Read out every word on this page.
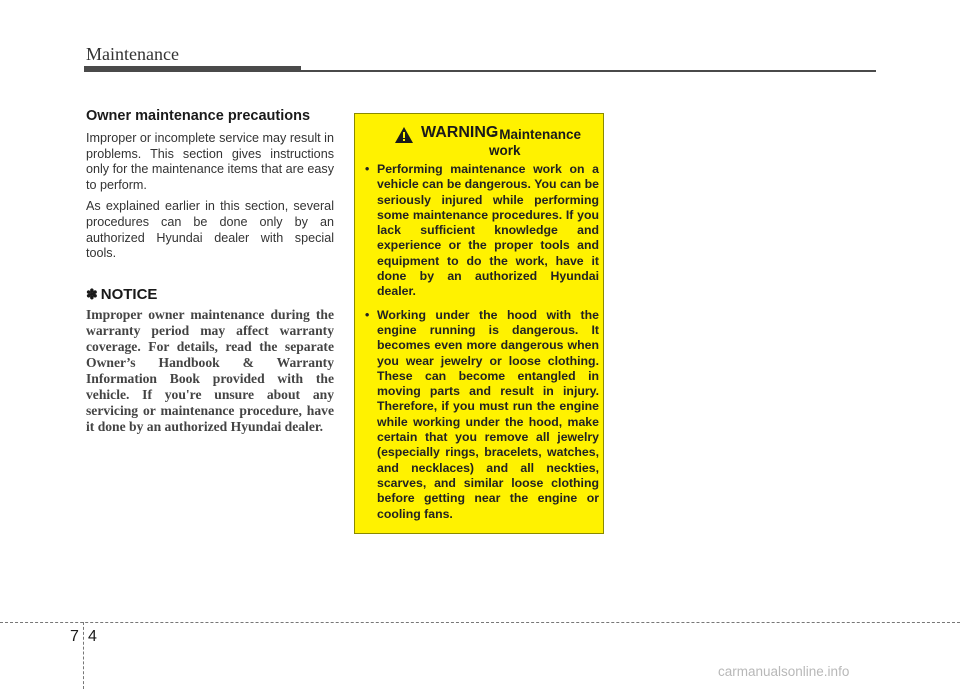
Maintenance
Owner maintenance precautions

Improper or incomplete service may result in problems. This section gives instructions only for the maintenance items that are easy to perform.

As explained earlier in this section, several procedures can be done only by an authorized Hyundai dealer with special tools.

✽ NOTICE

Improper owner maintenance during the warranty period may affect warranty coverage. For details, read the separate Owner’s Handbook & Warranty Information Book provided with the vehicle. If you're unsure about any servicing or maintenance procedure, have it done by an authorized Hyundai dealer.

WARNING
- Maintenance
work
• Performing maintenance work on a vehicle can be dangerous. You can be seriously injured while performing some maintenance procedures. If you lack sufficient knowledge and experience or the proper tools and equipment to do the work, have it done by an authorized Hyundai dealer.
• Working under the hood with the engine running is dangerous. It becomes even more dangerous when you wear jewelry or loose clothing. These can become entangled in moving parts and result in injury. Therefore, if you must run the engine while working under the hood, make certain that you remove all jewelry (especially rings, bracelets, watches, and necklaces) and all neckties, scarves, and similar loose clothing before getting near the engine or cooling fans.
7 4
carmanualsonline.info
